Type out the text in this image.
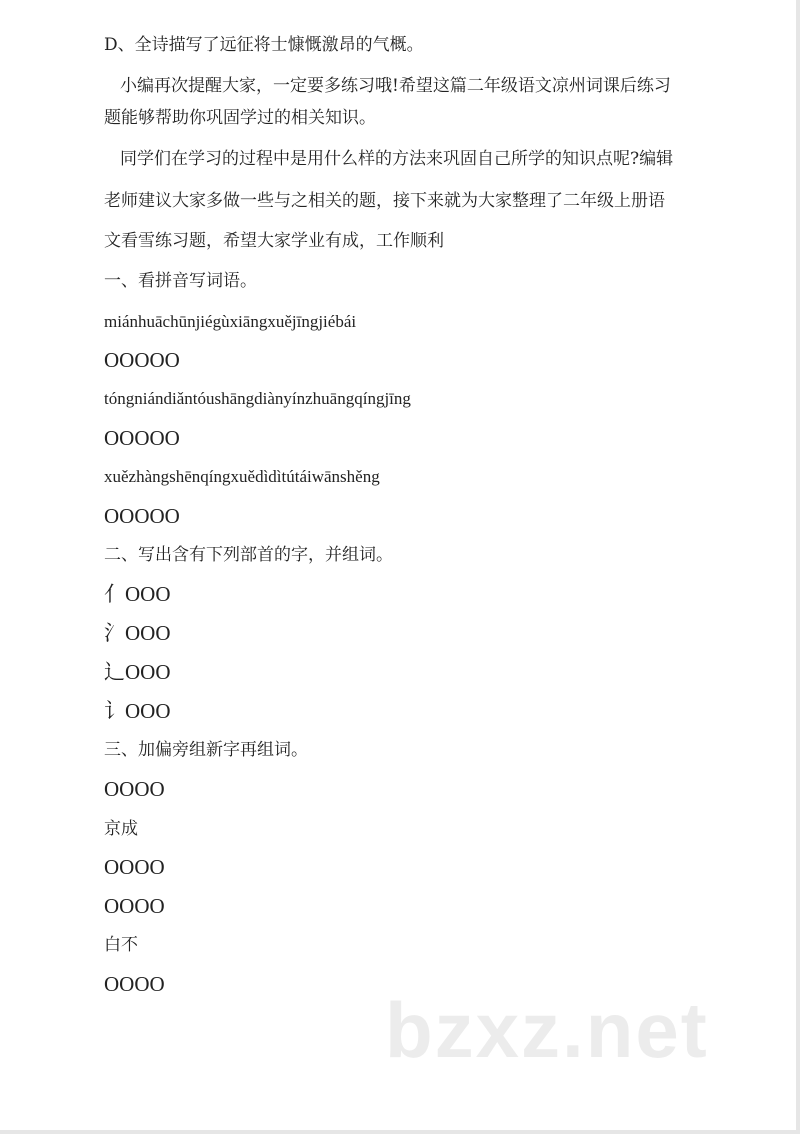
D、全诗描写了远征将士慷慨激昂的气概。
小编再次提醒大家，一定要多练习哦!希望这篇二年级语文凉州词课后练习
题能够帮助你巩固学过的相关知识。
同学们在学习的过程中是用什么样的方法来巩固自己所学的知识点呢?编辑
老师建议大家多做一些与之相关的题，接下来就为大家整理了二年级上册语
文看雪练习题，希望大家学业有成，工作顺利
一、看拼音写词语。
miánhuāchūnjiégùxiāngxuějīngjiébái
OOOOO
tóngniándiǎntóushāngdiànyínzhuāngqíngjīng
OOOOO
xuězhàngshēnqíngxuědìdìtútáiwānshěng
OOOOO
二、写出含有下列部首的字，并组词。
亻OOO
氵OOO
辶OOO
讠OOO
三、加偏旁组新字再组词。
OOOO
京成
OOOO
OOOO
白不
OOOO
bzxz.net
